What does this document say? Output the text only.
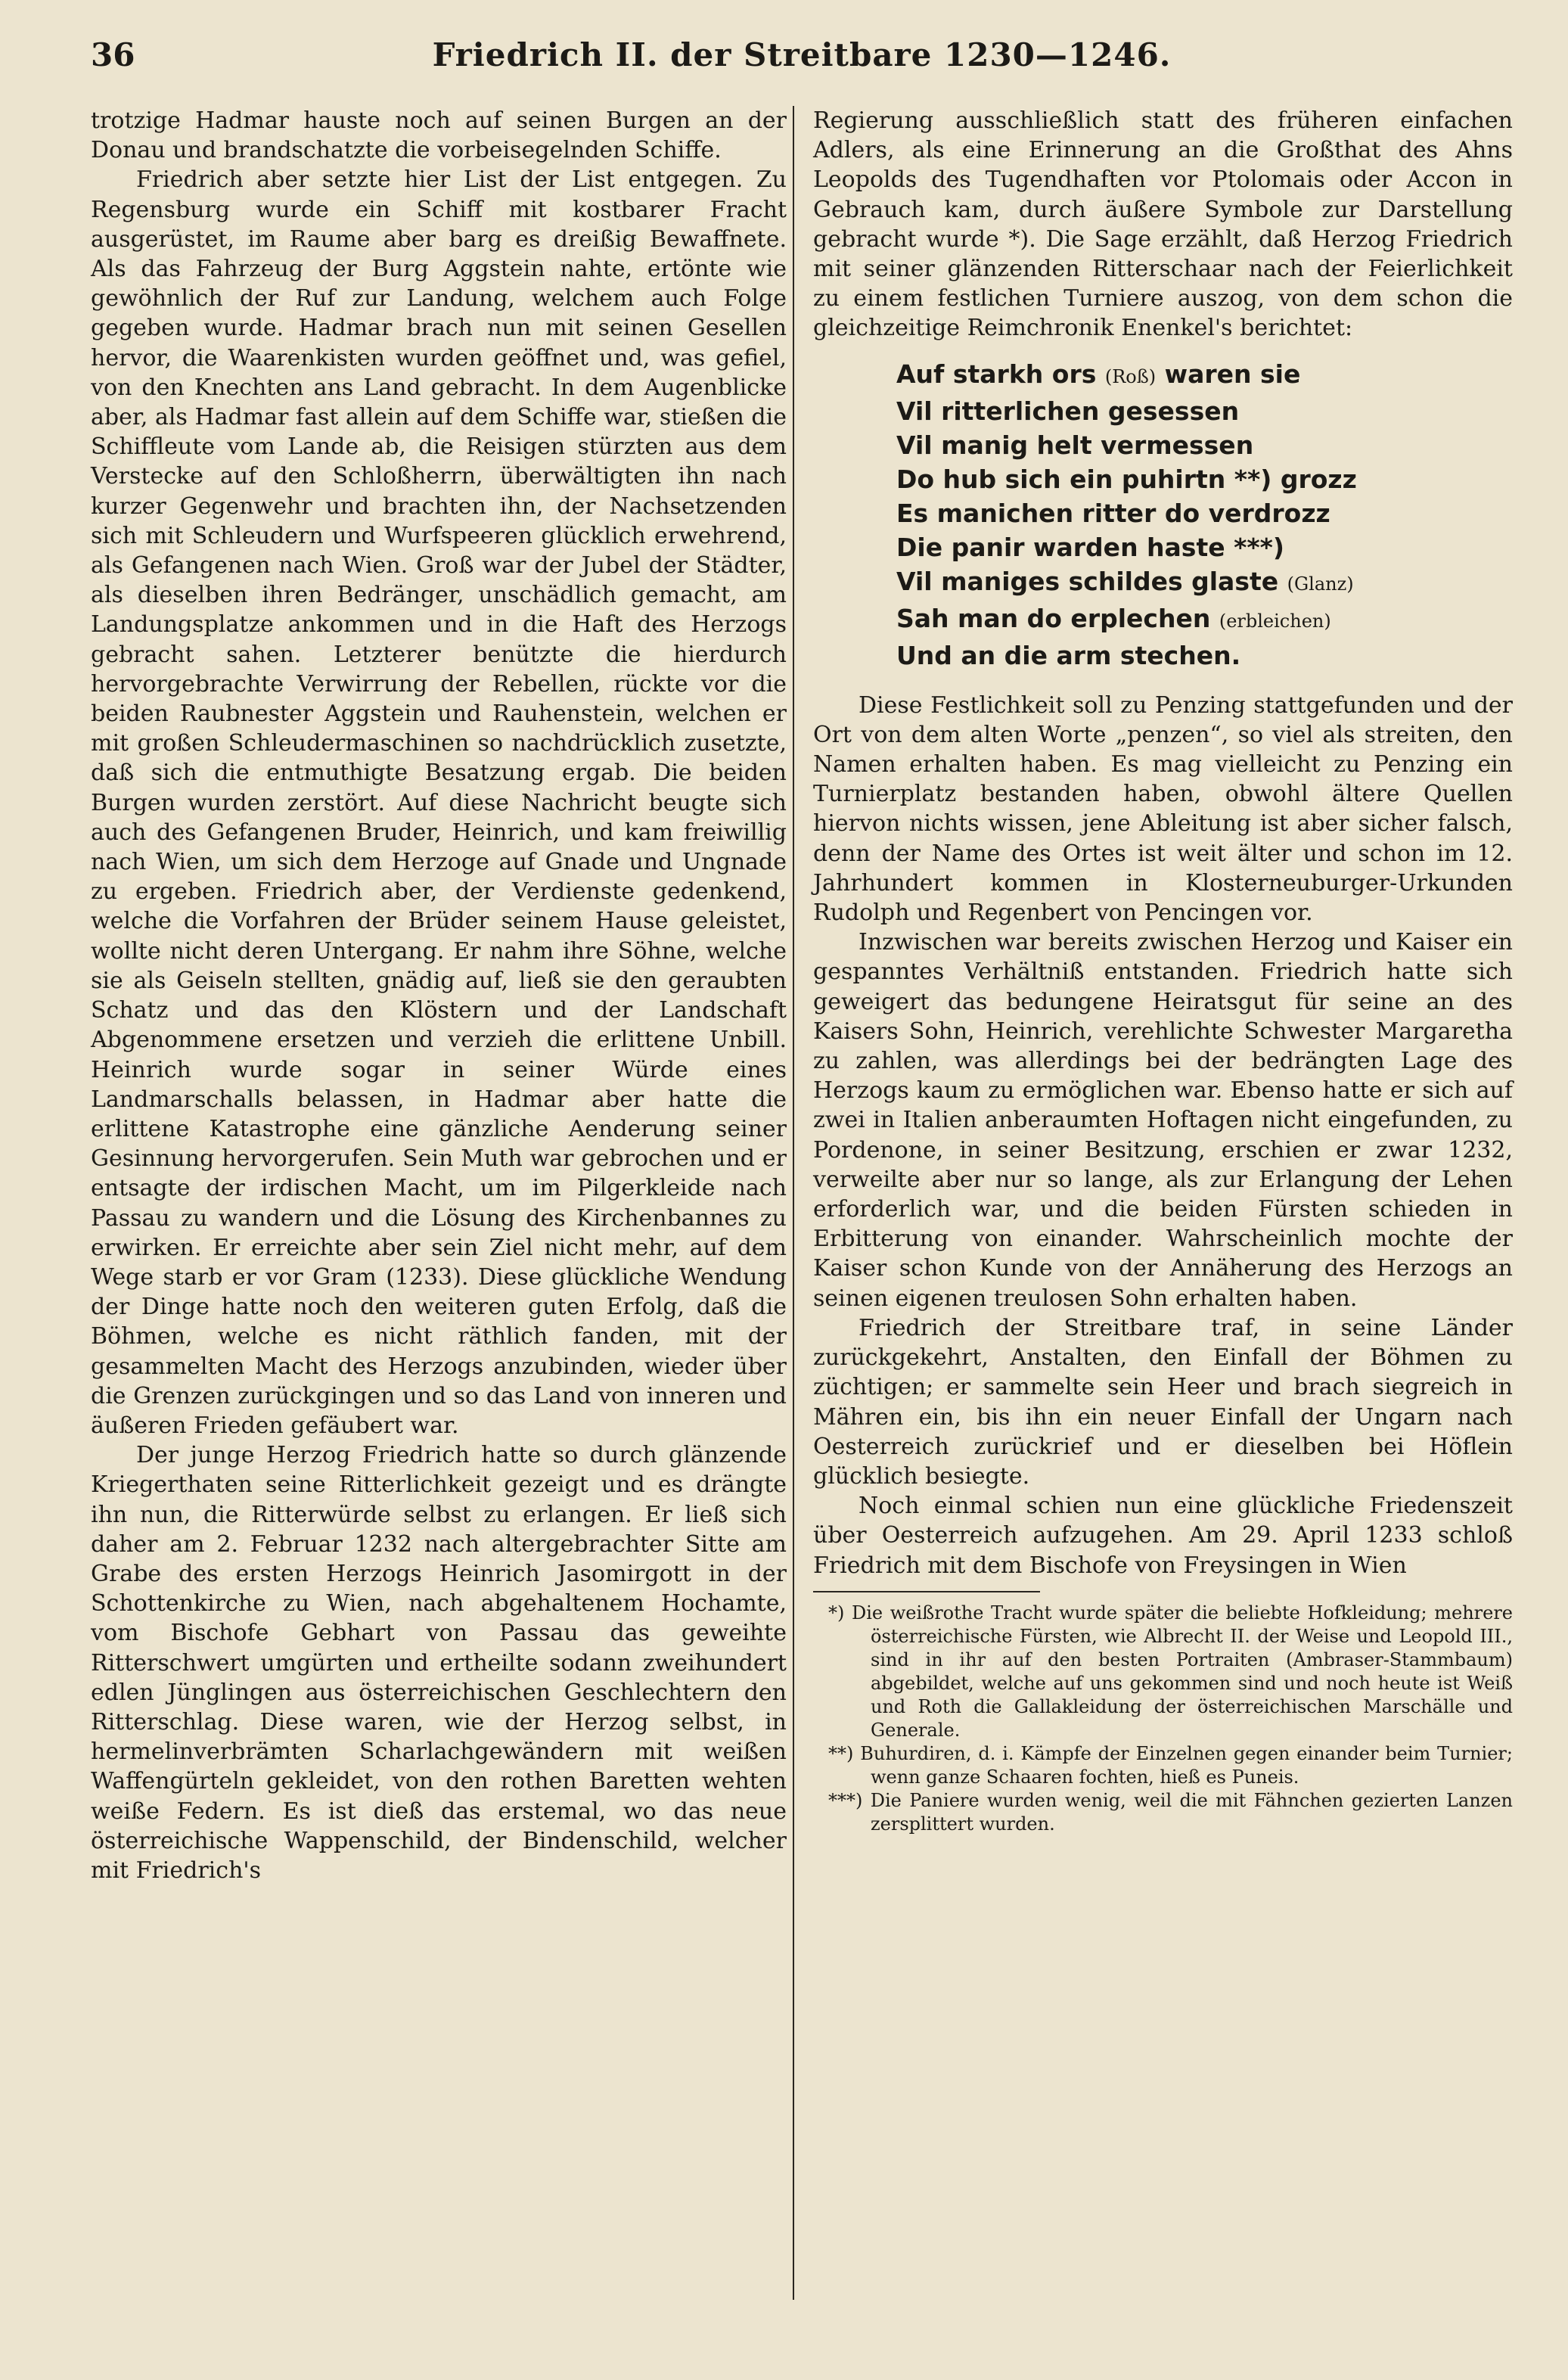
36	Friedrich II. der Streitbare 1230—1246.

trotzige Hadmar hauste noch auf seinen Burgen an der Donau und brandschatzte die vorbeisegelnden Schiffe.

Friedrich aber setzte hier List der List entgegen. Zu Regensburg wurde ein Schiff mit kostbarer Fracht ausgerüstet, im Raume aber barg es dreißig Bewaffnete. Als das Fahrzeug der Burg Aggstein nahte, ertönte wie gewöhnlich der Ruf zur Landung, welchem auch Folge gegeben wurde. Hadmar brach nun mit seinen Gesellen hervor, die Waarenkisten wurden geöffnet und, was gefiel, von den Knechten ans Land gebracht. In dem Augenblicke aber, als Hadmar fast allein auf dem Schiffe war, stießen die Schiffleute vom Lande ab, die Reisigen stürzten aus dem Verstecke auf den Schloßherrn, überwältigten ihn nach kurzer Gegenwehr und brachten ihn, der Nachsetzenden sich mit Schleudern und Wurfspeeren glücklich erwehrend, als Gefangenen nach Wien. Groß war der Jubel der Städter, als dieselben ihren Bedränger, unschädlich gemacht, am Landungsplatze ankommen und in die Haft des Herzogs gebracht sahen. Letzterer benützte die hierdurch hervorgebrachte Verwirrung der Rebellen, rückte vor die beiden Raubnester Aggstein und Rauhenstein, welchen er mit großen Schleudermaschinen so nachdrücklich zusetzte, daß sich die entmuthigte Besatzung ergab. Die beiden Burgen wurden zerstört. Auf diese Nachricht beugte sich auch des Gefangenen Bruder, Heinrich, und kam freiwillig nach Wien, um sich dem Herzoge auf Gnade und Ungnade zu ergeben. Friedrich aber, der Verdienste gedenkend, welche die Vorfahren der Brüder seinem Hause geleistet, wollte nicht deren Untergang. Er nahm ihre Söhne, welche sie als Geiseln stellten, gnädig auf, ließ sie den geraubten Schatz und das den Klöstern und der Landschaft Abgenommene ersetzen und verzieh die erlittene Unbill. Heinrich wurde sogar in seiner Würde eines Landmarschalls belassen, in Hadmar aber hatte die erlittene Katastrophe eine gänzliche Aenderung seiner Gesinnung hervorgerufen. Sein Muth war gebrochen und er entsagte der irdischen Macht, um im Pilgerkleide nach Passau zu wandern und die Lösung des Kirchenbannes zu erwirken. Er erreichte aber sein Ziel nicht mehr, auf dem Wege starb er vor Gram (1233). Diese glückliche Wendung der Dinge hatte noch den weiteren guten Erfolg, daß die Böhmen, welche es nicht räthlich fanden, mit der gesammelten Macht des Herzogs anzubinden, wieder über die Grenzen zurückgingen und so das Land von inneren und äußeren Frieden gefäubert war.

Der junge Herzog Friedrich hatte so durch glänzende Kriegerthaten seine Ritterlichkeit gezeigt und es drängte ihn nun, die Ritterwürde selbst zu erlangen. Er ließ sich daher am 2. Februar 1232 nach altergebrachter Sitte am Grabe des ersten Herzogs Heinrich Jasomirgott in der Schottenkirche zu Wien, nach abgehaltenem Hochamte, vom Bischofe Gebhart von Passau das geweihte Ritterschwert umgürten und ertheilte sodann zweihundert edlen Jünglingen aus österreichischen Geschlechtern den Ritterschlag. Diese waren, wie der Herzog selbst, in hermelinverbrämten Scharlachgewändern mit weißen Waffengürteln gekleidet, von den rothen Baretten wehten weiße Federn. Es ist dieß das erstemal, wo das neue österreichische Wappenschild, der Bindenschild, welcher mit Friedrich's

Regierung ausschließlich statt des früheren einfachen Adlers, als eine Erinnerung an die Großthat des Ahns Leopolds des Tugendhaften vor Ptolomais oder Accon in Gebrauch kam, durch äußere Symbole zur Darstellung gebracht wurde *). Die Sage erzählt, daß Herzog Friedrich mit seiner glänzenden Ritterschaar nach der Feierlichkeit zu einem festlichen Turniere auszog, von dem schon die gleichzeitige Reimchronik Enenkel's berichtet:

Auf starkh ors (Roß) waren sie
Vil ritterlichen gesessen
Vil manig helt vermessen
Do hub sich ein puhirtn **) grozz
Es manichen ritter do verdrozz
Die panir warden haste ***)
Vil maniges schildes glaste (Glanz)
Sah man do erplechen (erbleichen)
Und an die arm stechen.

Diese Festlichkeit soll zu Penzing stattgefunden und der Ort von dem alten Worte „penzen“, so viel als streiten, den Namen erhalten haben. Es mag vielleicht zu Penzing ein Turnierplatz bestanden haben, obwohl ältere Quellen hiervon nichts wissen, jene Ableitung ist aber sicher falsch, denn der Name des Ortes ist weit älter und schon im 12. Jahrhundert kommen in Klosterneuburger-Urkunden Rudolph und Regenbert von Pencingen vor.

Inzwischen war bereits zwischen Herzog und Kaiser ein gespanntes Verhältniß entstanden. Friedrich hatte sich geweigert das bedungene Heiratsgut für seine an des Kaisers Sohn, Heinrich, verehlichte Schwester Margaretha zu zahlen, was allerdings bei der bedrängten Lage des Herzogs kaum zu ermöglichen war. Ebenso hatte er sich auf zwei in Italien anberaumten Hoftagen nicht eingefunden, zu Pordenone, in seiner Besitzung, erschien er zwar 1232, verweilte aber nur so lange, als zur Erlangung der Lehen erforderlich war, und die beiden Fürsten schieden in Erbitterung von einander. Wahrscheinlich mochte der Kaiser schon Kunde von der Annäherung des Herzogs an seinen eigenen treulosen Sohn erhalten haben.

Friedrich der Streitbare traf, in seine Länder zurückgekehrt, Anstalten, den Einfall der Böhmen zu züchtigen; er sammelte sein Heer und brach siegreich in Mähren ein, bis ihn ein neuer Einfall der Ungarn nach Oesterreich zurückrief und er dieselben bei Höflein glücklich besiegte.

Noch einmal schien nun eine glückliche Friedenszeit über Oesterreich aufzugehen. Am 29. April 1233 schloß Friedrich mit dem Bischofe von Freysingen in Wien

*) Die weißrothe Tracht wurde später die beliebte Hofkleidung; mehrere österreichische Fürsten, wie Albrecht II. der Weise und Leopold III., sind in ihr auf den besten Portraiten (Ambraser-Stammbaum) abgebildet, welche auf uns gekommen sind und noch heute ist Weiß und Roth die Gallakleidung der österreichischen Marschälle und Generale.
**) Buhurdiren, d. i. Kämpfe der Einzelnen gegen einander beim Turnier; wenn ganze Schaaren fochten, hieß es Puneis.
***) Die Paniere wurden wenig, weil die mit Fähnchen gezierten Lanzen zersplittert wurden.
